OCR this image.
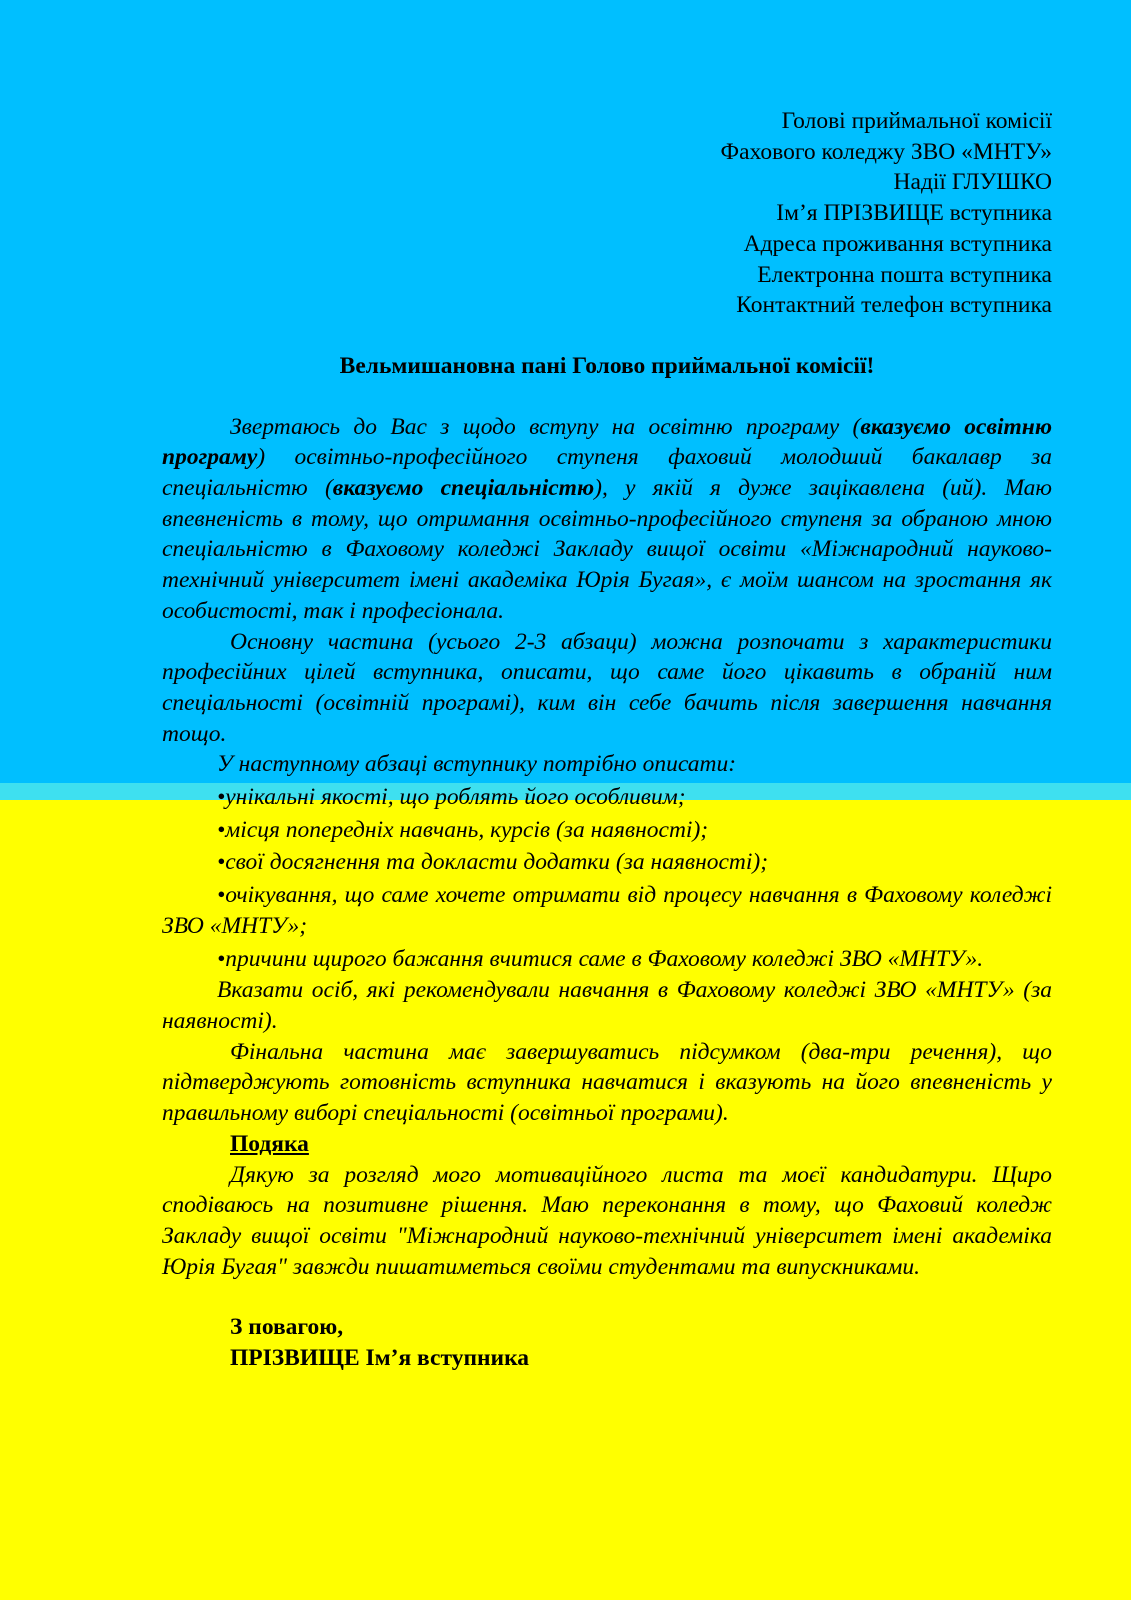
Голові приймальної комісії
Фахового коледжу ЗВО «МНТУ»
Надії ГЛУШКО
Ім’я ПРІЗВИЩЕ вступника
Адреса проживання вступника
Електронна пошта вступника
Контактний телефон вступника

Вельмишановна пані Голово приймальної комісії!

Звертаюсь до Вас з щодо вступу на освітню програму (вказуємо освітню програму) освітньо-професійного ступеня фаховий молодший бакалавр за спеціальністю (вказуємо спеціальністю), у якій я дуже зацікавлена (ий). Маю впевненість в тому, що отримання освітньо-професійного ступеня за обраною мною спеціальністю в Фаховому коледжі Закладу вищої освіти «Міжнародний науково-технічний університет імені академіка Юрія Бугая», є моїм шансом на зростання як особистості, так і професіонала.

Основну частина (усього 2-3 абзаци) можна розпочати з характеристики професійних цілей вступника, описати, що саме його цікавить в обраній ним спеціальності (освітній програмі), ким він себе бачить після завершення навчання тощо.

У наступному абзаці вступнику потрібно описати:

•унікальні якості, що роблять його особливим;

•місця попередніх навчань, курсів (за наявності);

•свої досягнення та докласти додатки (за наявності);

•очікування, що саме хочете отримати від процесу навчання в Фаховому коледжі ЗВО «МНТУ»;

•причини щирого бажання вчитися саме в Фаховому коледжі ЗВО «МНТУ».

Вказати осіб, які рекомендували навчання в Фаховому коледжі ЗВО «МНТУ» (за наявності).

Фінальна частина має завершуватись підсумком (два-три речення), що підтверджують готовність вступника навчатися і вказують на його впевненість у правильному виборі спеціальності (освітньої програми).

Подяка

Дякую за розгляд мого мотиваційного листа та моєї кандидатури. Щиро сподіваюсь на позитивне рішення. Маю переконання в тому, що Фаховий коледж Закладу вищої освіти "Міжнародний науково-технічний університет імені академіка Юрія Бугая" завжди пишатиметься своїми студентами та випускниками.

З повагою,
ПРІЗВИЩЕ Ім’я вступника
